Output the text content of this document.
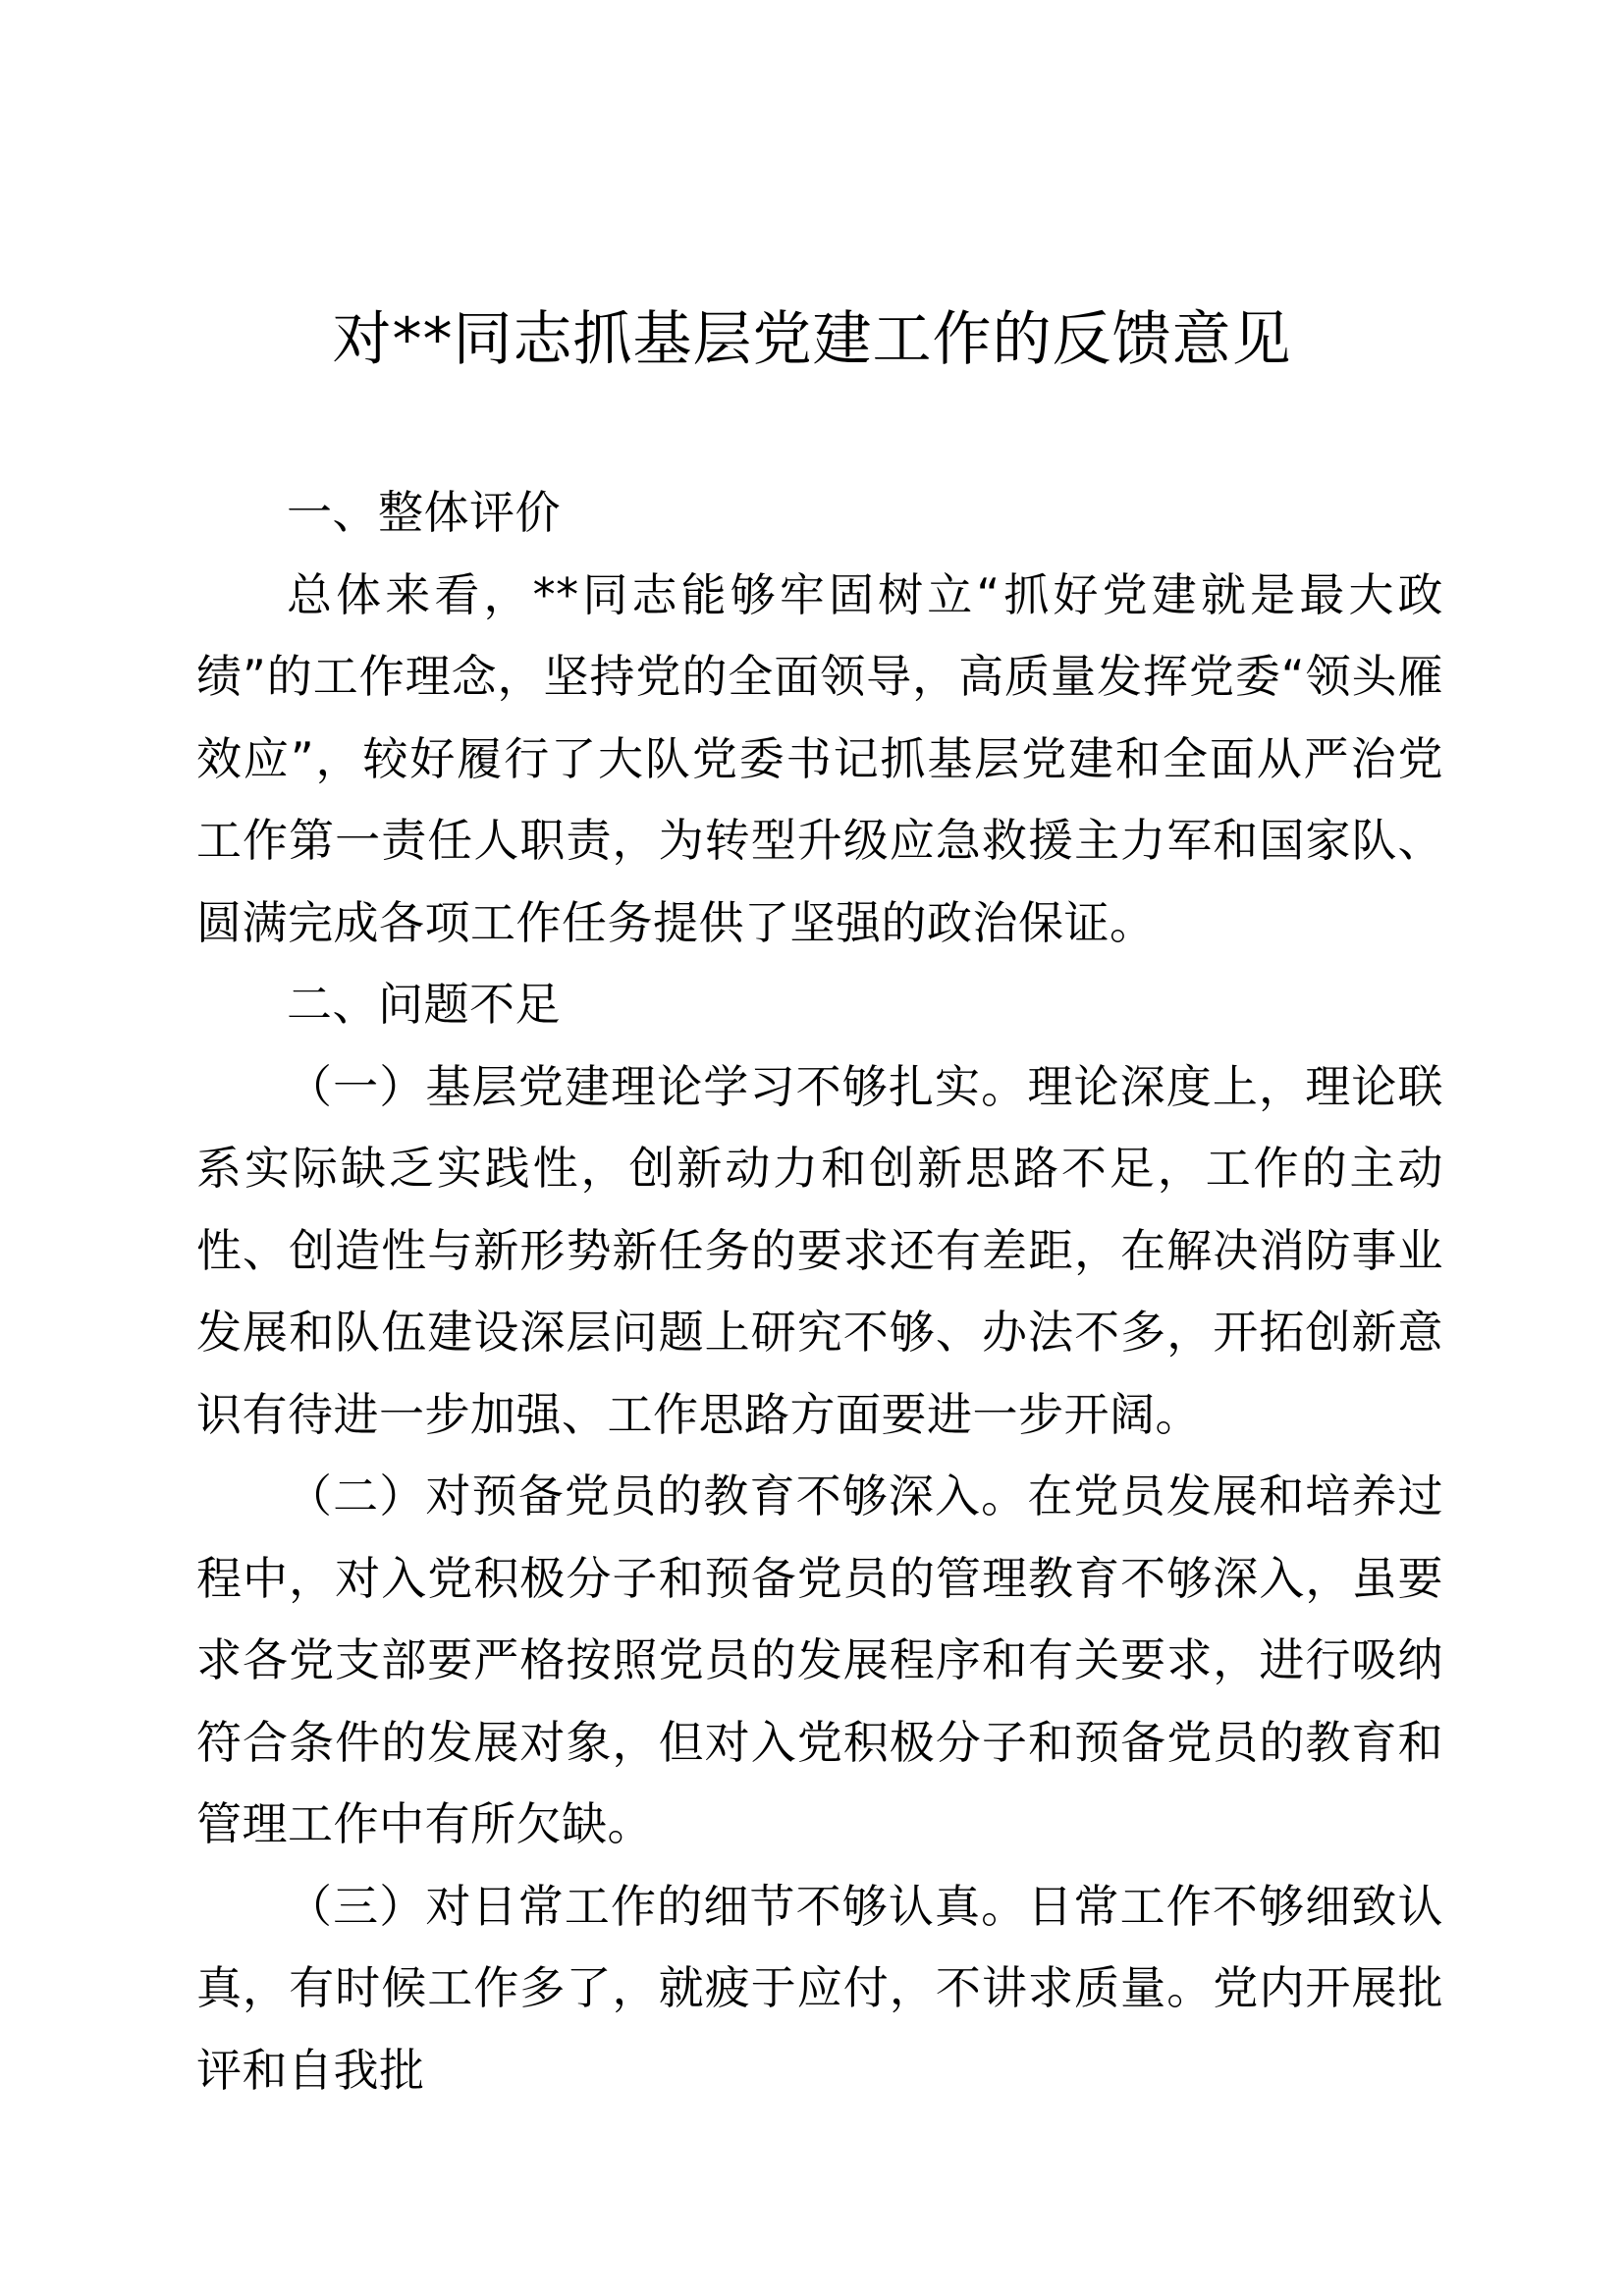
对**同志抓基层党建工作的反馈意见

一、整体评价

总体来看，**同志能够牢固树立“抓好党建就是最大政绩”的工作理念，坚持党的全面领导，高质量发挥党委“领头雁效应”，较好履行了大队党委书记抓基层党建和全面从严治党工作第一责任人职责，为转型升级应急救援主力军和国家队、圆满完成各项工作任务提供了坚强的政治保证。

二、问题不足

（一）基层党建理论学习不够扎实。理论深度上，理论联系实际缺乏实践性，创新动力和创新思路不足，工作的主动性、创造性与新形势新任务的要求还有差距，在解决消防事业发展和队伍建设深层问题上研究不够、办法不多，开拓创新意识有待进一步加强、工作思路方面要进一步开阔。

（二）对预备党员的教育不够深入。在党员发展和培养过程中，对入党积极分子和预备党员的管理教育不够深入，虽要求各党支部要严格按照党员的发展程序和有关要求，进行吸纳符合条件的发展对象，但对入党积极分子和预备党员的教育和管理工作中有所欠缺。

（三）对日常工作的细节不够认真。日常工作不够细致认真，有时候工作多了，就疲于应付，不讲求质量。党内开展批评和自我批
